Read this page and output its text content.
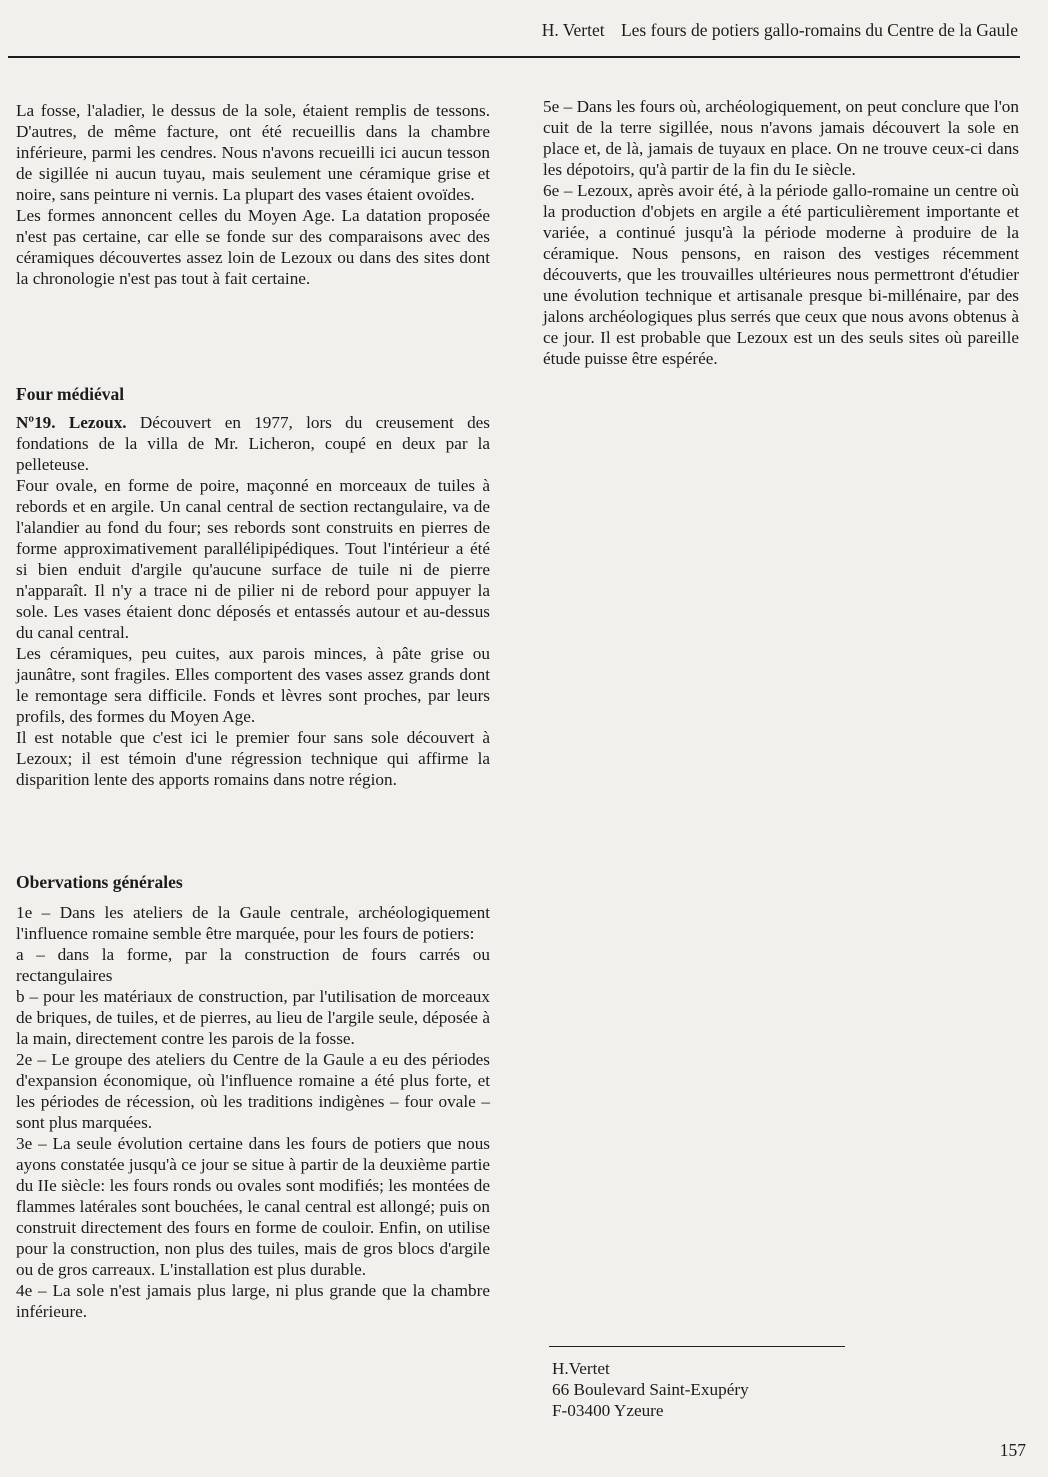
H. Vertet Les fours de potiers gallo-romains du Centre de la Gaule

La fosse, l'aladier, le dessus de la sole, étaient remplis de tessons. D'autres, de même facture, ont été recueillis dans la chambre inférieure, parmi les cendres. Nous n'avons recueilli ici aucun tesson de sigillée ni aucun tuyau, mais seulement une céramique grise et noire, sans peinture ni vernis. La plupart des vases étaient ovoïdes.

Les formes annoncent celles du Moyen Age. La datation proposée n'est pas certaine, car elle se fonde sur des comparaisons avec des céramiques découvertes assez loin de Lezoux ou dans des sites dont la chronologie n'est pas tout à fait certaine.

Four médiéval

Nº19. Lezoux. Découvert en 1977, lors du creusement des fondations de la villa de Mr. Licheron, coupé en deux par la pelleteuse.

Four ovale, en forme de poire, maçonné en morceaux de tuiles à rebords et en argile. Un canal central de section rectangulaire, va de l'alandier au fond du four; ses rebords sont construits en pierres de forme approximativement parallélipipédiques. Tout l'intérieur a été si bien enduit d'argile qu'aucune surface de tuile ni de pierre n'apparaît. Il n'y a trace ni de pilier ni de rebord pour appuyer la sole. Les vases étaient donc déposés et entassés autour et au-dessus du canal central.

Les céramiques, peu cuites, aux parois minces, à pâte grise ou jaunâtre, sont fragiles. Elles comportent des vases assez grands dont le remontage sera difficile. Fonds et lèvres sont proches, par leurs profils, des formes du Moyen Age.

Il est notable que c'est ici le premier four sans sole découvert à Lezoux; il est témoin d'une régression technique qui affirme la disparition lente des apports romains dans notre région.

Obervations générales

1e – Dans les ateliers de la Gaule centrale, archéologiquement l'influence romaine semble être marquée, pour les fours de potiers:

a – dans la forme, par la construction de fours carrés ou rectangulaires

b – pour les matériaux de construction, par l'utilisation de morceaux de briques, de tuiles, et de pierres, au lieu de l'argile seule, déposée à la main, directement contre les parois de la fosse.

2e – Le groupe des ateliers du Centre de la Gaule a eu des périodes d'expansion économique, où l'influence romaine a été plus forte, et les périodes de récession, où les traditions indigènes – four ovale – sont plus marquées.

3e – La seule évolution certaine dans les fours de potiers que nous ayons constatée jusqu'à ce jour se situe à partir de la deuxième partie du IIe siècle: les fours ronds ou ovales sont modifiés; les montées de flammes latérales sont bouchées, le canal central est allongé; puis on construit directement des fours en forme de couloir. Enfin, on utilise pour la construction, non plus des tuiles, mais de gros blocs d'argile ou de gros carreaux. L'installation est plus durable.

4e – La sole n'est jamais plus large, ni plus grande que la chambre inférieure.

5e – Dans les fours où, archéologiquement, on peut conclure que l'on cuit de la terre sigillée, nous n'avons jamais découvert la sole en place et, de là, jamais de tuyaux en place. On ne trouve ceux-ci dans les dépotoirs, qu'à partir de la fin du Ie siècle.

6e – Lezoux, après avoir été, à la période gallo-romaine un centre où la production d'objets en argile a été particulièrement importante et variée, a continué jusqu'à la période moderne à produire de la céramique. Nous pensons, en raison des vestiges récemment découverts, que les trouvailles ultérieures nous permettront d'étudier une évolution technique et artisanale presque bi-millénaire, par des jalons archéologiques plus serrés que ceux que nous avons obtenus à ce jour. Il est probable que Lezoux est un des seuls sites où pareille étude puisse être espérée.

H.Vertet
66 Boulevard Saint-Exupéry
F-03400 Yzeure
157
